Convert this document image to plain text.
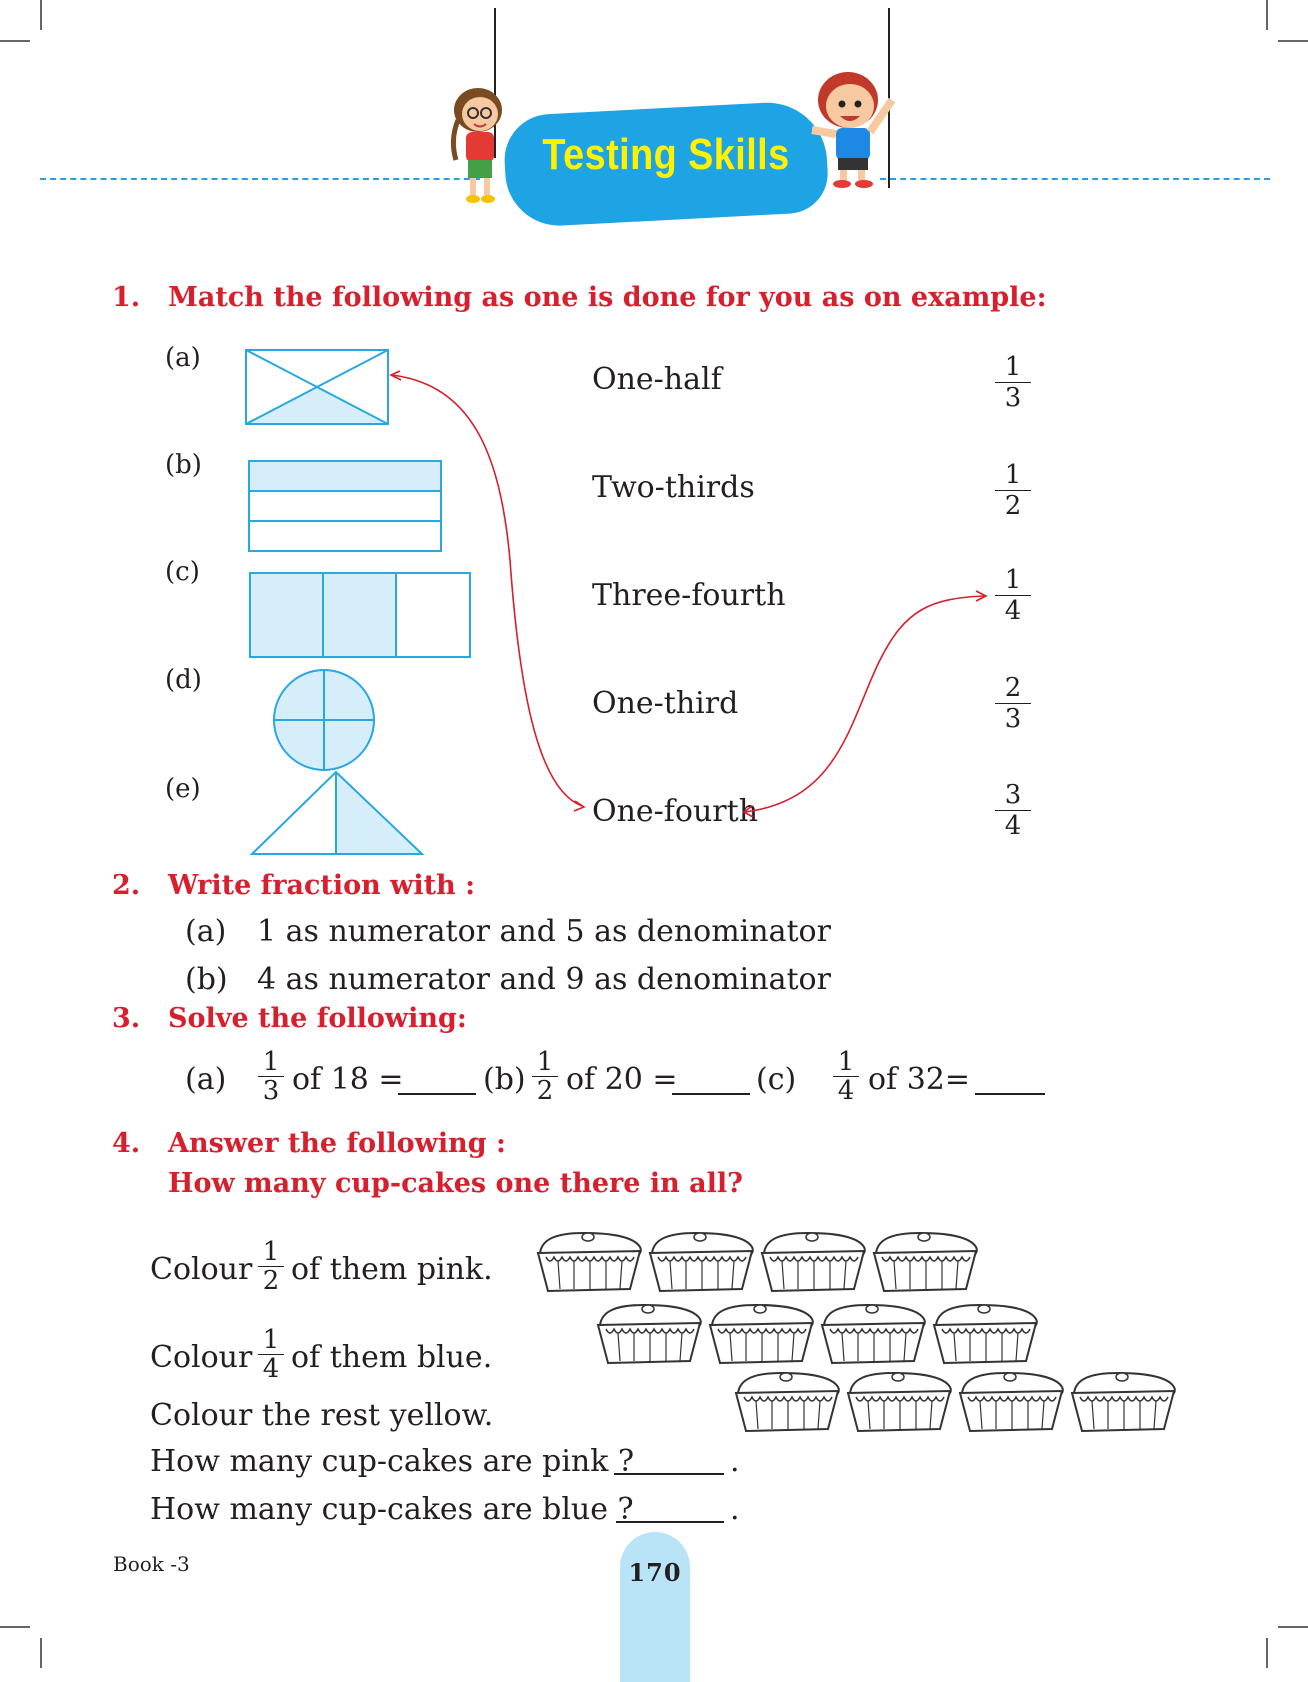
Testing Skills
1. Match the following as one is done for you as on example:
(a)
(b)
(c)
(d)
(e)
One-half
Two-thirds
Three-fourth
One-third
One-fourth
$\frac{1}{3}$
$\frac{1}{2}$
$\frac{1}{4}$
$\frac{2}{3}$
$\frac{3}{4}$
2. Write fraction with :
(a) 1 as numerator and 5 as denominator
(b) 4 as numerator and 9 as denominator
3. Solve the following:
$(a) \frac{1}{3}$ of 18 =	$(b) \frac{1}{2}$ of 20 =	$(c) \frac{1}{4}$ of 32=
4. Answer the following :
How many cup-cakes one there in all?
Colour $\frac{1}{2}$ of them pink.
Colour $\frac{1}{4}$ of them blue.
Colour the rest yellow.
How many cup-cakes are pink ?	.
How many cup-cakes are blue ?	.
Book -3	170
